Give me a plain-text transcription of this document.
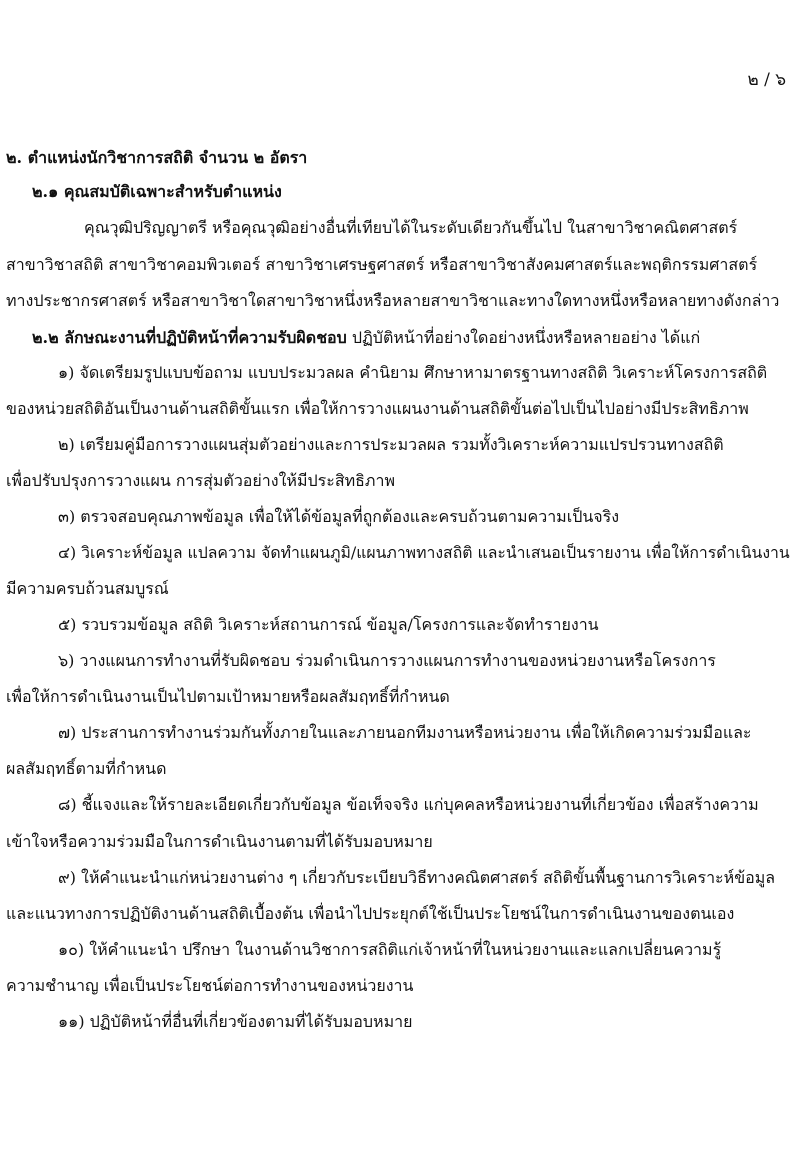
๒ / ๖
๒. ตำแหน่งนักวิชาการสถิติ จำนวน ๒ อัตรา
๒.๑ คุณสมบัติเฉพาะสำหรับตำแหน่ง
คุณวุฒิปริญญาตรี หรือคุณวุฒิอย่างอื่นที่เทียบได้ในระดับเดียวกันขึ้นไป ในสาขาวิชาคณิตศาสตร์
สาขาวิชาสถิติ สาขาวิชาคอมพิวเตอร์ สาขาวิชาเศรษฐศาสตร์ หรือสาขาวิชาสังคมศาสตร์และพฤติกรรมศาสตร์
ทางประชากรศาสตร์ หรือสาขาวิชาใดสาขาวิชาหนึ่งหรือหลายสาขาวิชาและทางใดทางหนึ่งหรือหลายทางดังกล่าว
๒.๒ ลักษณะงานที่ปฏิบัติหน้าที่ความรับผิดชอบ ปฏิบัติหน้าที่อย่างใดอย่างหนึ่งหรือหลายอย่าง ได้แก่
๑) จัดเตรียมรูปแบบข้อถาม แบบประมวลผล คำนิยาม ศึกษาหามาตรฐานทางสถิติ วิเคราะห์โครงการสถิติ
ของหน่วยสถิติอันเป็นงานด้านสถิติขั้นแรก เพื่อให้การวางแผนงานด้านสถิติขั้นต่อไปเป็นไปอย่างมีประสิทธิภาพ
๒) เตรียมคู่มือการวางแผนสุ่มตัวอย่างและการประมวลผล รวมทั้งวิเคราะห์ความแปรปรวนทางสถิติ
เพื่อปรับปรุงการวางแผน การสุ่มตัวอย่างให้มีประสิทธิภาพ
๓) ตรวจสอบคุณภาพข้อมูล เพื่อให้ได้ข้อมูลที่ถูกต้องและครบถ้วนตามความเป็นจริง
๔) วิเคราะห์ข้อมูล แปลความ จัดทำแผนภูมิ/แผนภาพทางสถิติ และนำเสนอเป็นรายงาน เพื่อให้การดำเนินงาน
มีความครบถ้วนสมบูรณ์
๕) รวบรวมข้อมูล สถิติ วิเคราะห์สถานการณ์ ข้อมูล/โครงการและจัดทำรายงาน
๖) วางแผนการทำงานที่รับผิดชอบ ร่วมดำเนินการวางแผนการทำงานของหน่วยงานหรือโครงการ
เพื่อให้การดำเนินงานเป็นไปตามเป้าหมายหรือผลสัมฤทธิ์ที่กำหนด
๗) ประสานการทำงานร่วมกันทั้งภายในและภายนอกทีมงานหรือหน่วยงาน เพื่อให้เกิดความร่วมมือและ
ผลสัมฤทธิ์ตามที่กำหนด
๘) ชี้แจงและให้รายละเอียดเกี่ยวกับข้อมูล ข้อเท็จจริง แก่บุคคลหรือหน่วยงานที่เกี่ยวข้อง เพื่อสร้างความ
เข้าใจหรือความร่วมมือในการดำเนินงานตามที่ได้รับมอบหมาย
๙) ให้คำแนะนำแก่หน่วยงานต่าง ๆ เกี่ยวกับระเบียบวิธีทางคณิตศาสตร์ สถิติขั้นพื้นฐานการวิเคราะห์ข้อมูล
และแนวทางการปฏิบัติงานด้านสถิติเบื้องต้น เพื่อนำไปประยุกต์ใช้เป็นประโยชน์ในการดำเนินงานของตนเอง
๑๐) ให้คำแนะนำ ปรึกษา ในงานด้านวิชาการสถิติแก่เจ้าหน้าที่ในหน่วยงานและแลกเปลี่ยนความรู้
ความชำนาญ เพื่อเป็นประโยชน์ต่อการทำงานของหน่วยงาน
๑๑) ปฏิบัติหน้าที่อื่นที่เกี่ยวข้องตามที่ได้รับมอบหมาย
